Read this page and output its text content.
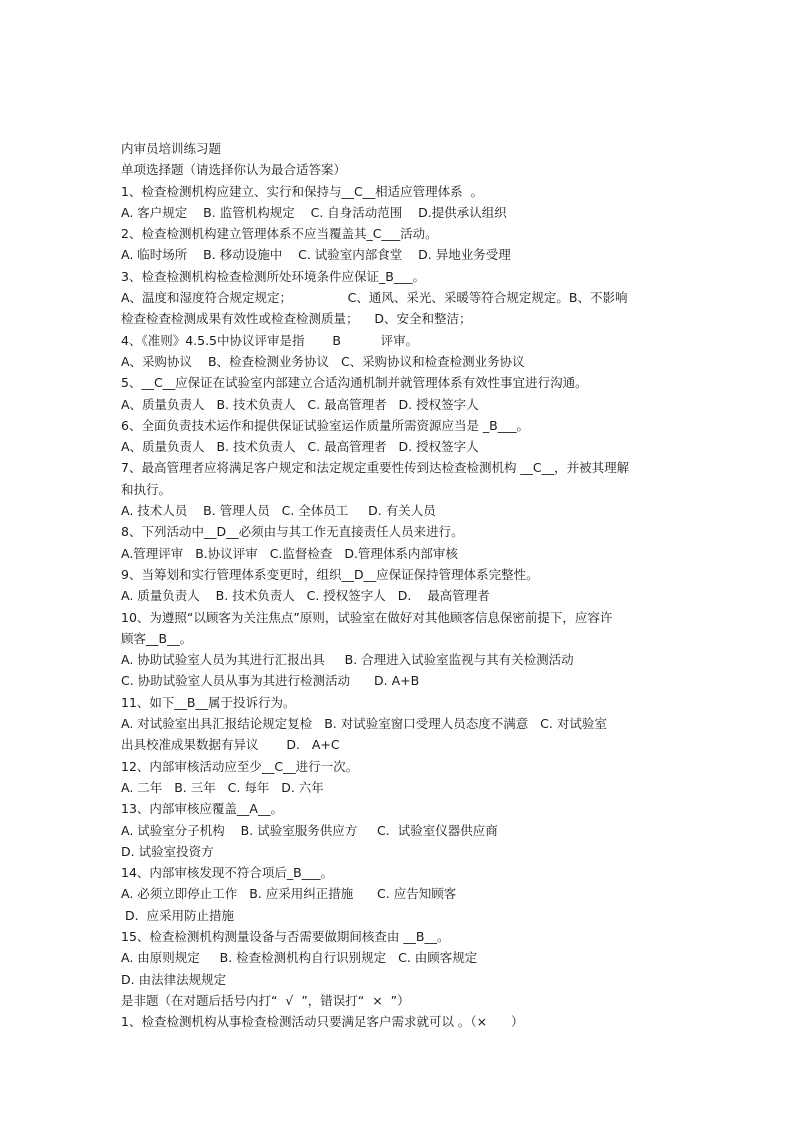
内审员培训练习题
单项选择题（请选择你认为最合适答案）
1、检查检测机构应建立、实行和保持与__C__相适应管理体系  。
A. 客户规定    B. 监管机构规定    C. 自身活动范围    D.提供承认组织
2、检查检测机构建立管理体系不应当覆盖其_C___活动。
A. 临时场所    B. 移动设施中    C. 试验室内部食堂    D. 异地业务受理
3、检查检测机构检查检测所处环境条件应保证_B___。
A、温度和湿度符合规定规定；              C、通风、采光、采暖等符合规定规定。B、不影响
检查检查检测成果有效性或检查检测质量；    D、安全和整洁；
4、《准则》4.5.5中协议评审是指       B          评审。
A、采购协议    B、检查检测业务协议   C、采购协议和检查检测业务协议
5、__C__应保证在试验室内部建立合适沟通机制并就管理体系有效性事宜进行沟通。
A、质量负责人   B. 技术负责人   C. 最高管理者   D. 授权签字人
6、全面负责技术运作和提供保证试验室运作质量所需资源应当是 _B___。
A、质量负责人   B. 技术负责人   C. 最高管理者   D. 授权签字人
7、最高管理者应将满足客户规定和法定规定重要性传到达检查检测机构 __C__，并被其理解
和执行。
A. 技术人员    B. 管理人员   C. 全体员工     D. 有关人员
8、下列活动中__D__必须由与其工作无直接责任人员来进行。
A.管理评审   B.协议评审   C.监督检查   D.管理体系内部审核
9、当筹划和实行管理体系变更时，组织__D__应保证保持管理体系完整性。
A. 质量负责人    B. 技术负责人   C. 授权签字人   D.    最高管理者
10、为遵照“以顾客为关注焦点”原则，试验室在做好对其他顾客信息保密前提下，应容许
顾客__B__。
A. 协助试验室人员为其进行汇报出具     B. 合理进入试验室监视与其有关检测活动
C. 协助试验室人员从事为其进行检测活动      D. A+B
11、如下__B__属于投诉行为。
A. 对试验室出具汇报结论规定复检   B. 对试验室窗口受理人员态度不满意   C. 对试验室
出具校准成果数据有异议       D.   A+C
12、内部审核活动应至少__C__进行一次。
A. 二年   B. 三年   C. 每年   D. 六年
13、内部审核应覆盖__A__。
A. 试验室分子机构    B. 试验室服务供应方     C.  试验室仪器供应商
D. 试验室投资方
14、内部审核发现不符合项后_B___。
A. 必须立即停止工作   B. 应采用纠正措施      C. 应告知顾客
D.  应采用防止措施
15、检查检测机构测量设备与否需要做期间核查由 __B__。
A. 由原则规定     B. 检查检测机构自行识别规定   C. 由顾客规定
D. 由法律法规规定
是非题（在对题后括号内打“  √  ”，错误打“  ×  ”）
1、检查检测机构从事检查检测活动只要满足客户需求就可以 。（×      ）
